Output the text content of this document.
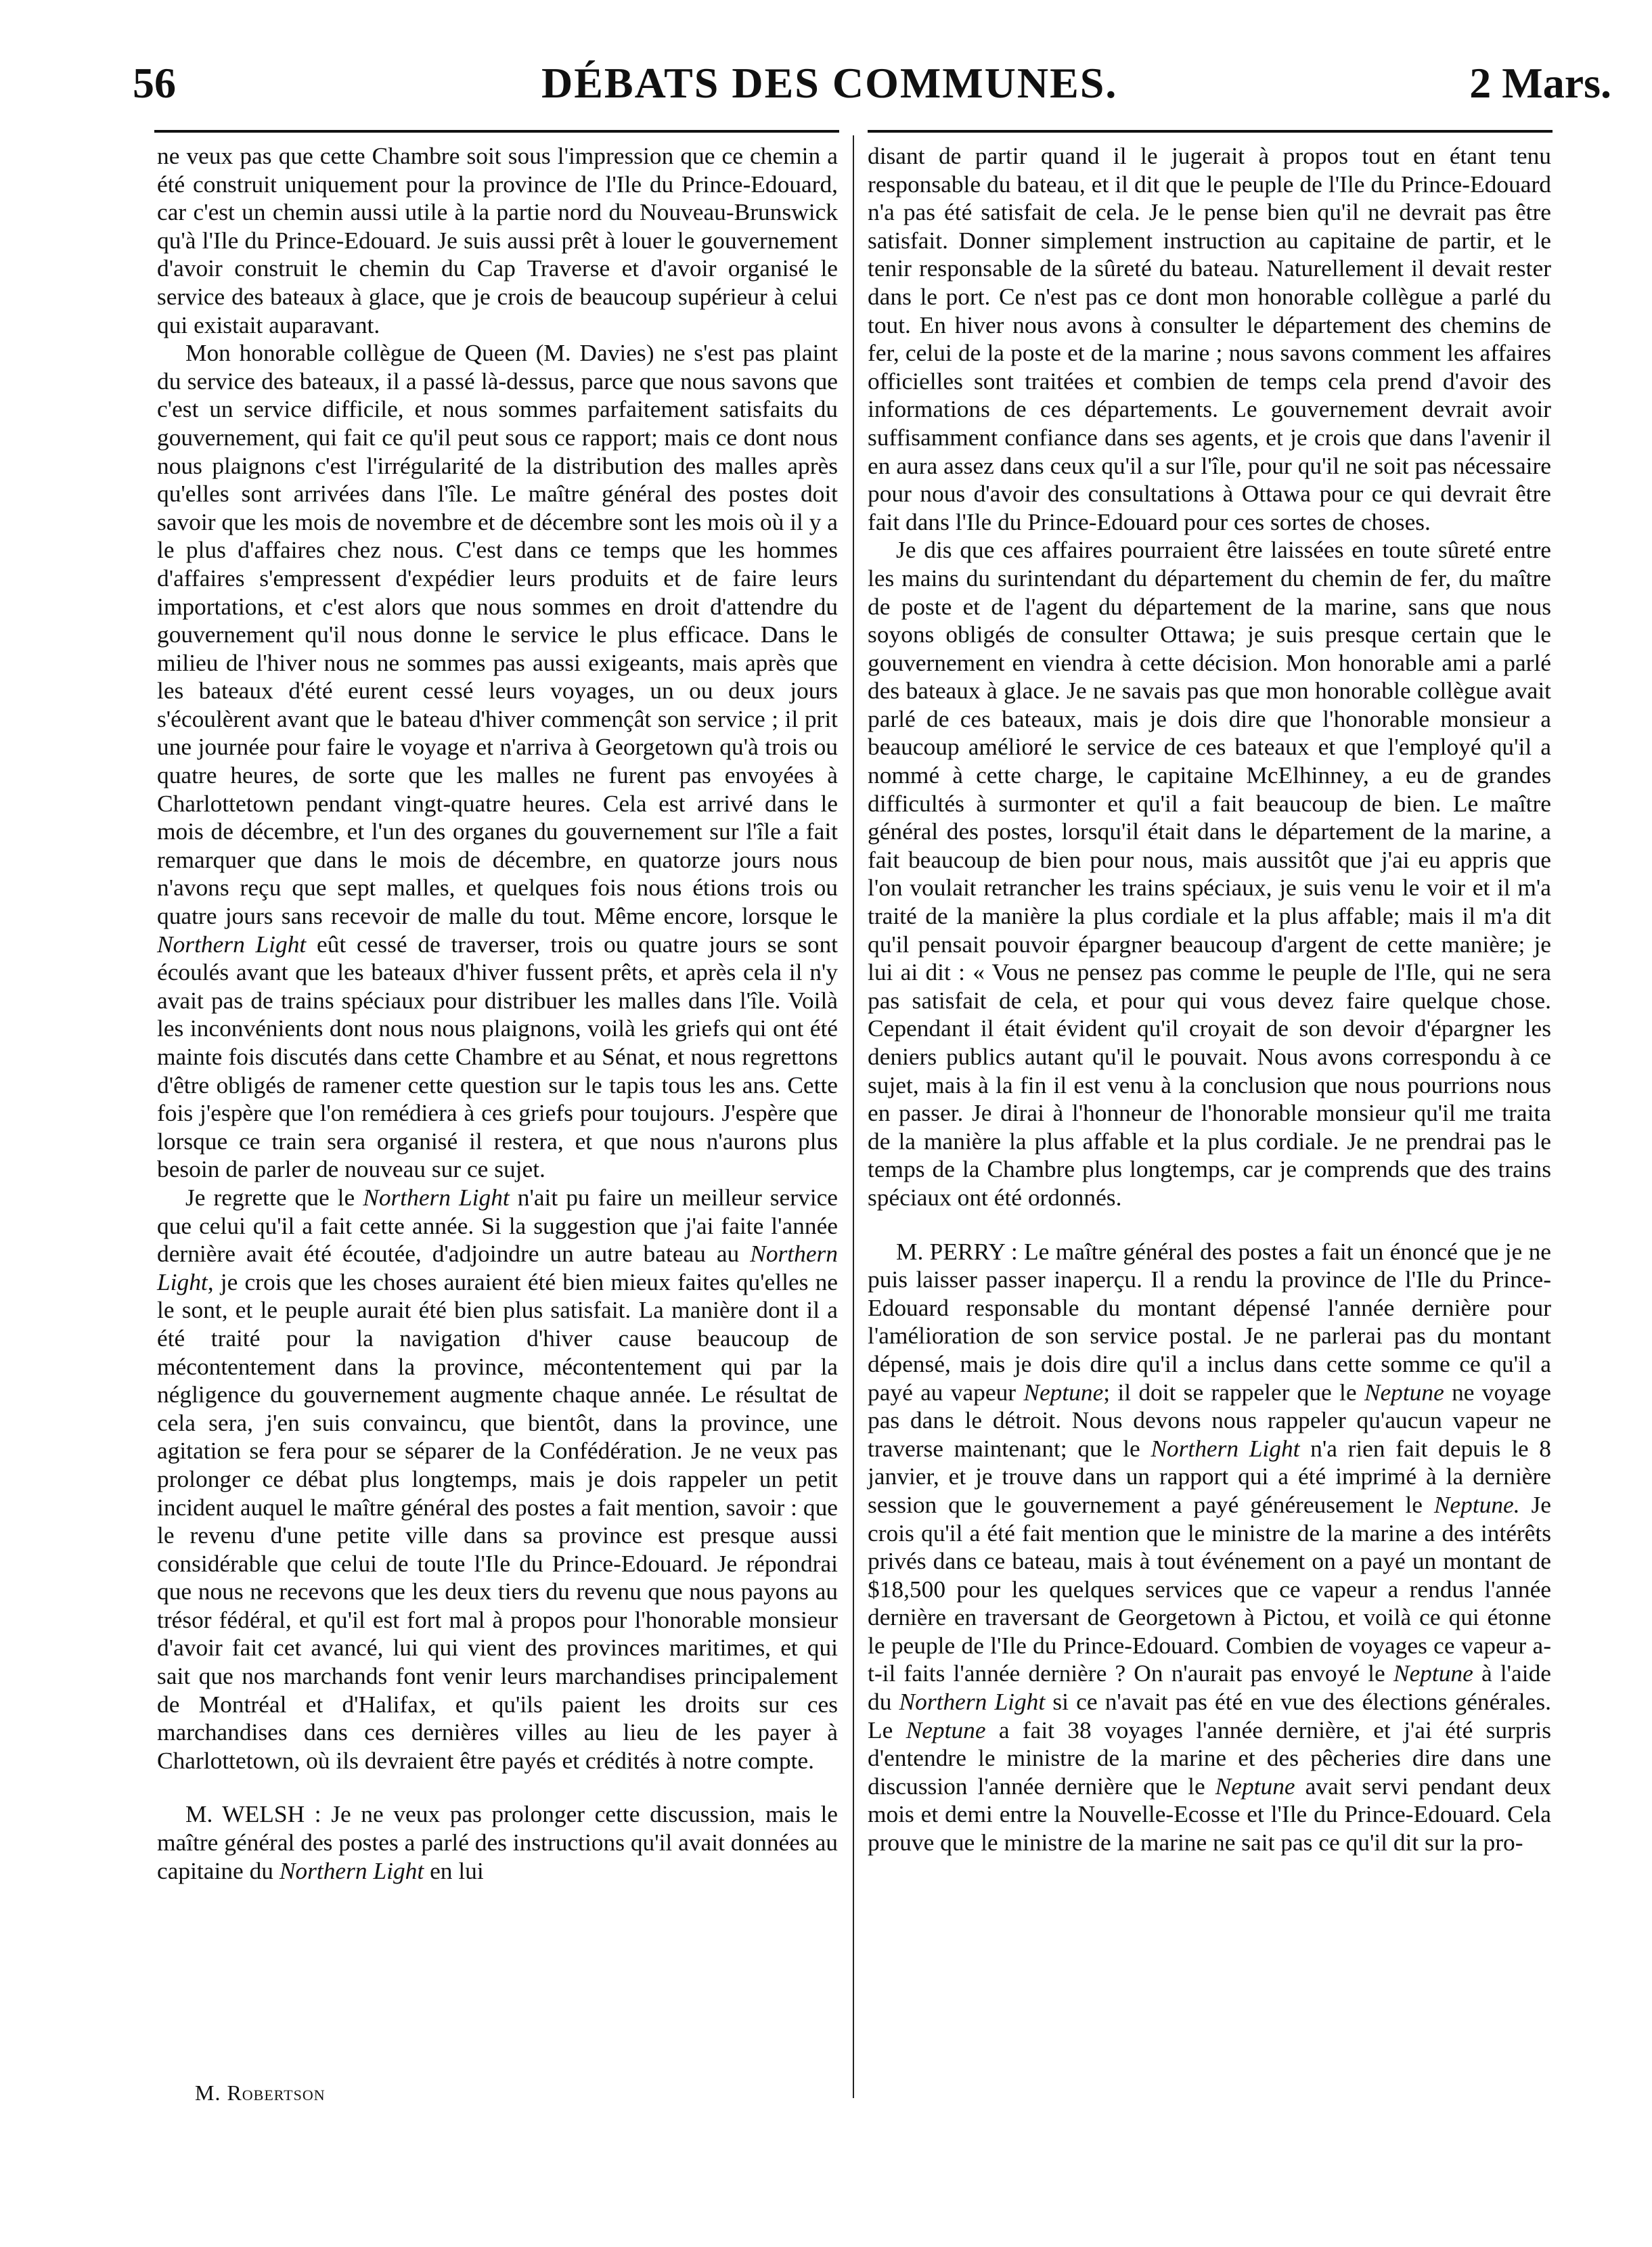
56	DÉBATS DES COMMUNES.	2 Mars.

ne veux pas que cette Chambre soit sous l'impression que ce chemin a été construit uniquement pour la province de l'Ile du Prince-Edouard, car c'est un chemin aussi utile à la partie nord du Nouveau-Brunswick qu'à l'Ile du Prince-Edouard. Je suis aussi prêt à louer le gouvernement d'avoir construit le chemin du Cap Traverse et d'avoir organisé le service des bateaux à glace, que je crois de beaucoup supérieur à celui qui existait auparavant.

Mon honorable collègue de Queen (M. Davies) ne s'est pas plaint du service des bateaux, il a passé là-dessus, parce que nous savons que c'est un service difficile, et nous sommes parfaitement satisfaits du gouvernement, qui fait ce qu'il peut sous ce rapport; mais ce dont nous nous plaignons c'est l'irrégularité de la distribution des malles après qu'elles sont arrivées dans l'île. Le maître général des postes doit savoir que les mois de novembre et de décembre sont les mois où il y a le plus d'affaires chez nous. C'est dans ce temps que les hommes d'affaires s'empressent d'expédier leurs produits et de faire leurs importations, et c'est alors que nous sommes en droit d'attendre du gouvernement qu'il nous donne le service le plus efficace. Dans le milieu de l'hiver nous ne sommes pas aussi exigeants, mais après que les bateaux d'été eurent cessé leurs voyages, un ou deux jours s'écoulèrent avant que le bateau d'hiver commençât son service ; il prit une journée pour faire le voyage et n'arriva à Georgetown qu'à trois ou quatre heures, de sorte que les malles ne furent pas envoyées à Charlottetown pendant vingt-quatre heures. Cela est arrivé dans le mois de décembre, et l'un des organes du gouvernement sur l'île a fait remarquer que dans le mois de décembre, en quatorze jours nous n'avons reçu que sept malles, et quelques fois nous étions trois ou quatre jours sans recevoir de malle du tout. Même encore, lorsque le Northern Light eût cessé de traverser, trois ou quatre jours se sont écoulés avant que les bateaux d'hiver fussent prêts, et après cela il n'y avait pas de trains spéciaux pour distribuer les malles dans l'île. Voilà les inconvénients dont nous nous plaignons, voilà les griefs qui ont été mainte fois discutés dans cette Chambre et au Sénat, et nous regrettons d'être obligés de ramener cette question sur le tapis tous les ans. Cette fois j'espère que l'on remédiera à ces griefs pour toujours. J'espère que lorsque ce train sera organisé il restera, et que nous n'aurons plus besoin de parler de nouveau sur ce sujet.

Je regrette que le Northern Light n'ait pu faire un meilleur service que celui qu'il a fait cette année. Si la suggestion que j'ai faite l'année dernière avait été écoutée, d'adjoindre un autre bateau au Northern Light, je crois que les choses auraient été bien mieux faites qu'elles ne le sont, et le peuple aurait été bien plus satisfait. La manière dont il a été traité pour la navigation d'hiver cause beaucoup de mécontentement dans la province, mécontentement qui par la négligence du gouvernement augmente chaque année. Le résultat de cela sera, j'en suis convaincu, que bientôt, dans la province, une agitation se fera pour se séparer de la Confédération. Je ne veux pas prolonger ce débat plus longtemps, mais je dois rappeler un petit incident auquel le maître général des postes a fait mention, savoir : que le revenu d'une petite ville dans sa province est presque aussi considérable que celui de toute l'Ile du Prince-Edouard. Je répondrai que nous ne recevons que les deux tiers du revenu que nous payons au trésor fédéral, et qu'il est fort mal à propos pour l'honorable monsieur d'avoir fait cet avancé, lui qui vient des provinces maritimes, et qui sait que nos marchands font venir leurs marchandises principalement de Montréal et d'Halifax, et qu'ils paient les droits sur ces marchandises dans ces dernières villes au lieu de les payer à Charlottetown, où ils devraient être payés et crédités à notre compte.

M. WELSH : Je ne veux pas prolonger cette discussion, mais le maître général des postes a parlé des instructions qu'il avait données au capitaine du Northern Light en lui

disant de partir quand il le jugerait à propos tout en étant tenu responsable du bateau, et il dit que le peuple de l'Ile du Prince-Edouard n'a pas été satisfait de cela. Je le pense bien qu'il ne devrait pas être satisfait. Donner simplement instruction au capitaine de partir, et le tenir responsable de la sûreté du bateau. Naturellement il devait rester dans le port. Ce n'est pas ce dont mon honorable collègue a parlé du tout. En hiver nous avons à consulter le département des chemins de fer, celui de la poste et de la marine ; nous savons comment les affaires officielles sont traitées et combien de temps cela prend d'avoir des informations de ces départements. Le gouvernement devrait avoir suffisamment confiance dans ses agents, et je crois que dans l'avenir il en aura assez dans ceux qu'il a sur l'île, pour qu'il ne soit pas nécessaire pour nous d'avoir des consultations à Ottawa pour ce qui devrait être fait dans l'Ile du Prince-Edouard pour ces sortes de choses.

Je dis que ces affaires pourraient être laissées en toute sûreté entre les mains du surintendant du département du chemin de fer, du maître de poste et de l'agent du département de la marine, sans que nous soyons obligés de consulter Ottawa; je suis presque certain que le gouvernement en viendra à cette décision. Mon honorable ami a parlé des bateaux à glace. Je ne savais pas que mon honorable collègue avait parlé de ces bateaux, mais je dois dire que l'honorable monsieur a beaucoup amélioré le service de ces bateaux et que l'employé qu'il a nommé à cette charge, le capitaine McElhinney, a eu de grandes difficultés à surmonter et qu'il a fait beaucoup de bien. Le maître général des postes, lorsqu'il était dans le département de la marine, a fait beaucoup de bien pour nous, mais aussitôt que j'ai eu appris que l'on voulait retrancher les trains spéciaux, je suis venu le voir et il m'a traité de la manière la plus cordiale et la plus affable; mais il m'a dit qu'il pensait pouvoir épargner beaucoup d'argent de cette manière; je lui ai dit : « Vous ne pensez pas comme le peuple de l'Ile, qui ne sera pas satisfait de cela, et pour qui vous devez faire quelque chose. Cependant il était évident qu'il croyait de son devoir d'épargner les deniers publics autant qu'il le pouvait. Nous avons correspondu à ce sujet, mais à la fin il est venu à la conclusion que nous pourrions nous en passer. Je dirai à l'honneur de l'honorable monsieur qu'il me traita de la manière la plus affable et la plus cordiale. Je ne prendrai pas le temps de la Chambre plus longtemps, car je comprends que des trains spéciaux ont été ordonnés.

M. PERRY : Le maître général des postes a fait un énoncé que je ne puis laisser passer inaperçu. Il a rendu la province de l'Ile du Prince-Edouard responsable du montant dépensé l'année dernière pour l'amélioration de son service postal. Je ne parlerai pas du montant dépensé, mais je dois dire qu'il a inclus dans cette somme ce qu'il a payé au vapeur Neptune; il doit se rappeler que le Neptune ne voyage pas dans le détroit. Nous devons nous rappeler qu'aucun vapeur ne traverse maintenant; que le Northern Light n'a rien fait depuis le 8 janvier, et je trouve dans un rapport qui a été imprimé à la dernière session que le gouvernement a payé généreusement le Neptune. Je crois qu'il a été fait mention que le ministre de la marine a des intérêts privés dans ce bateau, mais à tout événement on a payé un montant de $18,500 pour les quelques services que ce vapeur a rendus l'année dernière en traversant de Georgetown à Pictou, et voilà ce qui étonne le peuple de l'Ile du Prince-Edouard. Combien de voyages ce vapeur a-t-il faits l'année dernière ? On n'aurait pas envoyé le Neptune à l'aide du Northern Light si ce n'avait pas été en vue des élections générales. Le Neptune a fait 38 voyages l'année dernière, et j'ai été surpris d'entendre le ministre de la marine et des pêcheries dire dans une discussion l'année dernière que le Neptune avait servi pendant deux mois et demi entre la Nouvelle-Ecosse et l'Ile du Prince-Edouard. Cela prouve que le ministre de la marine ne sait pas ce qu'il dit sur la pro-

M. Robertson
